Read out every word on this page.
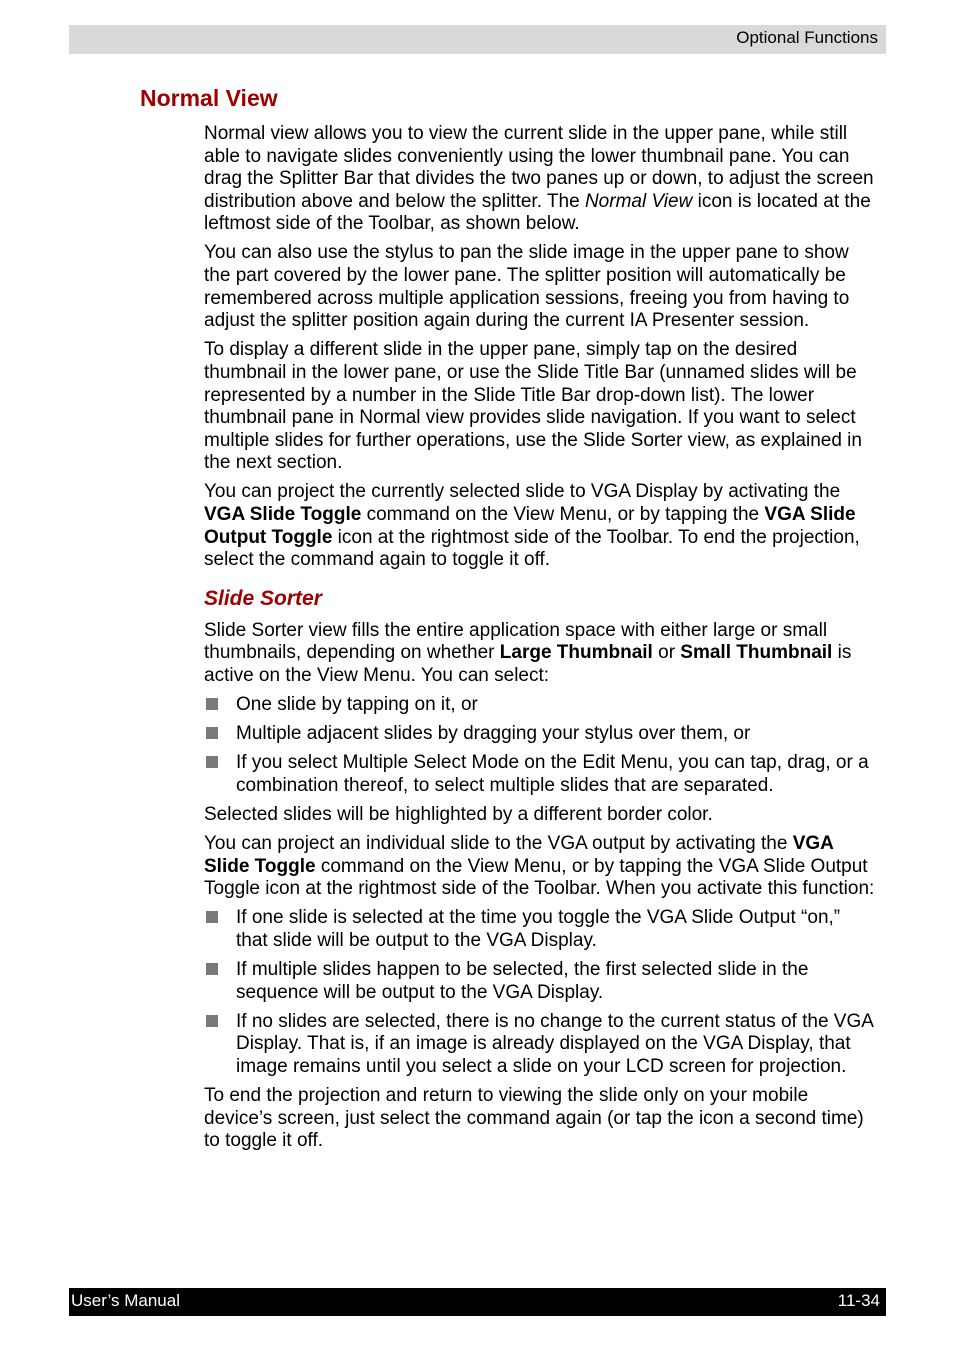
Optional Functions
Normal View

Normal view allows you to view the current slide in the upper pane, while still able to navigate slides conveniently using the lower thumbnail pane. You can drag the Splitter Bar that divides the two panes up or down, to adjust the screen distribution above and below the splitter. The Normal View icon is located at the leftmost side of the Toolbar, as shown below.

You can also use the stylus to pan the slide image in the upper pane to show the part covered by the lower pane. The splitter position will automatically be remembered across multiple application sessions, freeing you from having to adjust the splitter position again during the current IA Presenter session.

To display a different slide in the upper pane, simply tap on the desired thumbnail in the lower pane, or use the Slide Title Bar (unnamed slides will be represented by a number in the Slide Title Bar drop-down list). The lower thumbnail pane in Normal view provides slide navigation. If you want to select multiple slides for further operations, use the Slide Sorter view, as explained in the next section.

You can project the currently selected slide to VGA Display by activating the VGA Slide Toggle command on the View Menu, or by tapping the VGA Slide Output Toggle icon at the rightmost side of the Toolbar. To end the projection, select the command again to toggle it off.

Slide Sorter

Slide Sorter view fills the entire application space with either large or small thumbnails, depending on whether Large Thumbnail or Small Thumbnail is active on the View Menu. You can select:

One slide by tapping on it, or
Multiple adjacent slides by dragging your stylus over them, or
If you select Multiple Select Mode on the Edit Menu, you can tap, drag, or a combination thereof, to select multiple slides that are separated.

Selected slides will be highlighted by a different border color.

You can project an individual slide to the VGA output by activating the VGA Slide Toggle command on the View Menu, or by tapping the VGA Slide Output Toggle icon at the rightmost side of the Toolbar. When you activate this function:

If one slide is selected at the time you toggle the VGA Slide Output “on,” that slide will be output to the VGA Display.
If multiple slides happen to be selected, the first selected slide in the sequence will be output to the VGA Display.
If no slides are selected, there is no change to the current status of the VGA Display. That is, if an image is already displayed on the VGA Display, that image remains until you select a slide on your LCD screen for projection.

To end the projection and return to viewing the slide only on your mobile device’s screen, just select the command again (or tap the icon a second time) to toggle it off.

User’s Manual	11-34
